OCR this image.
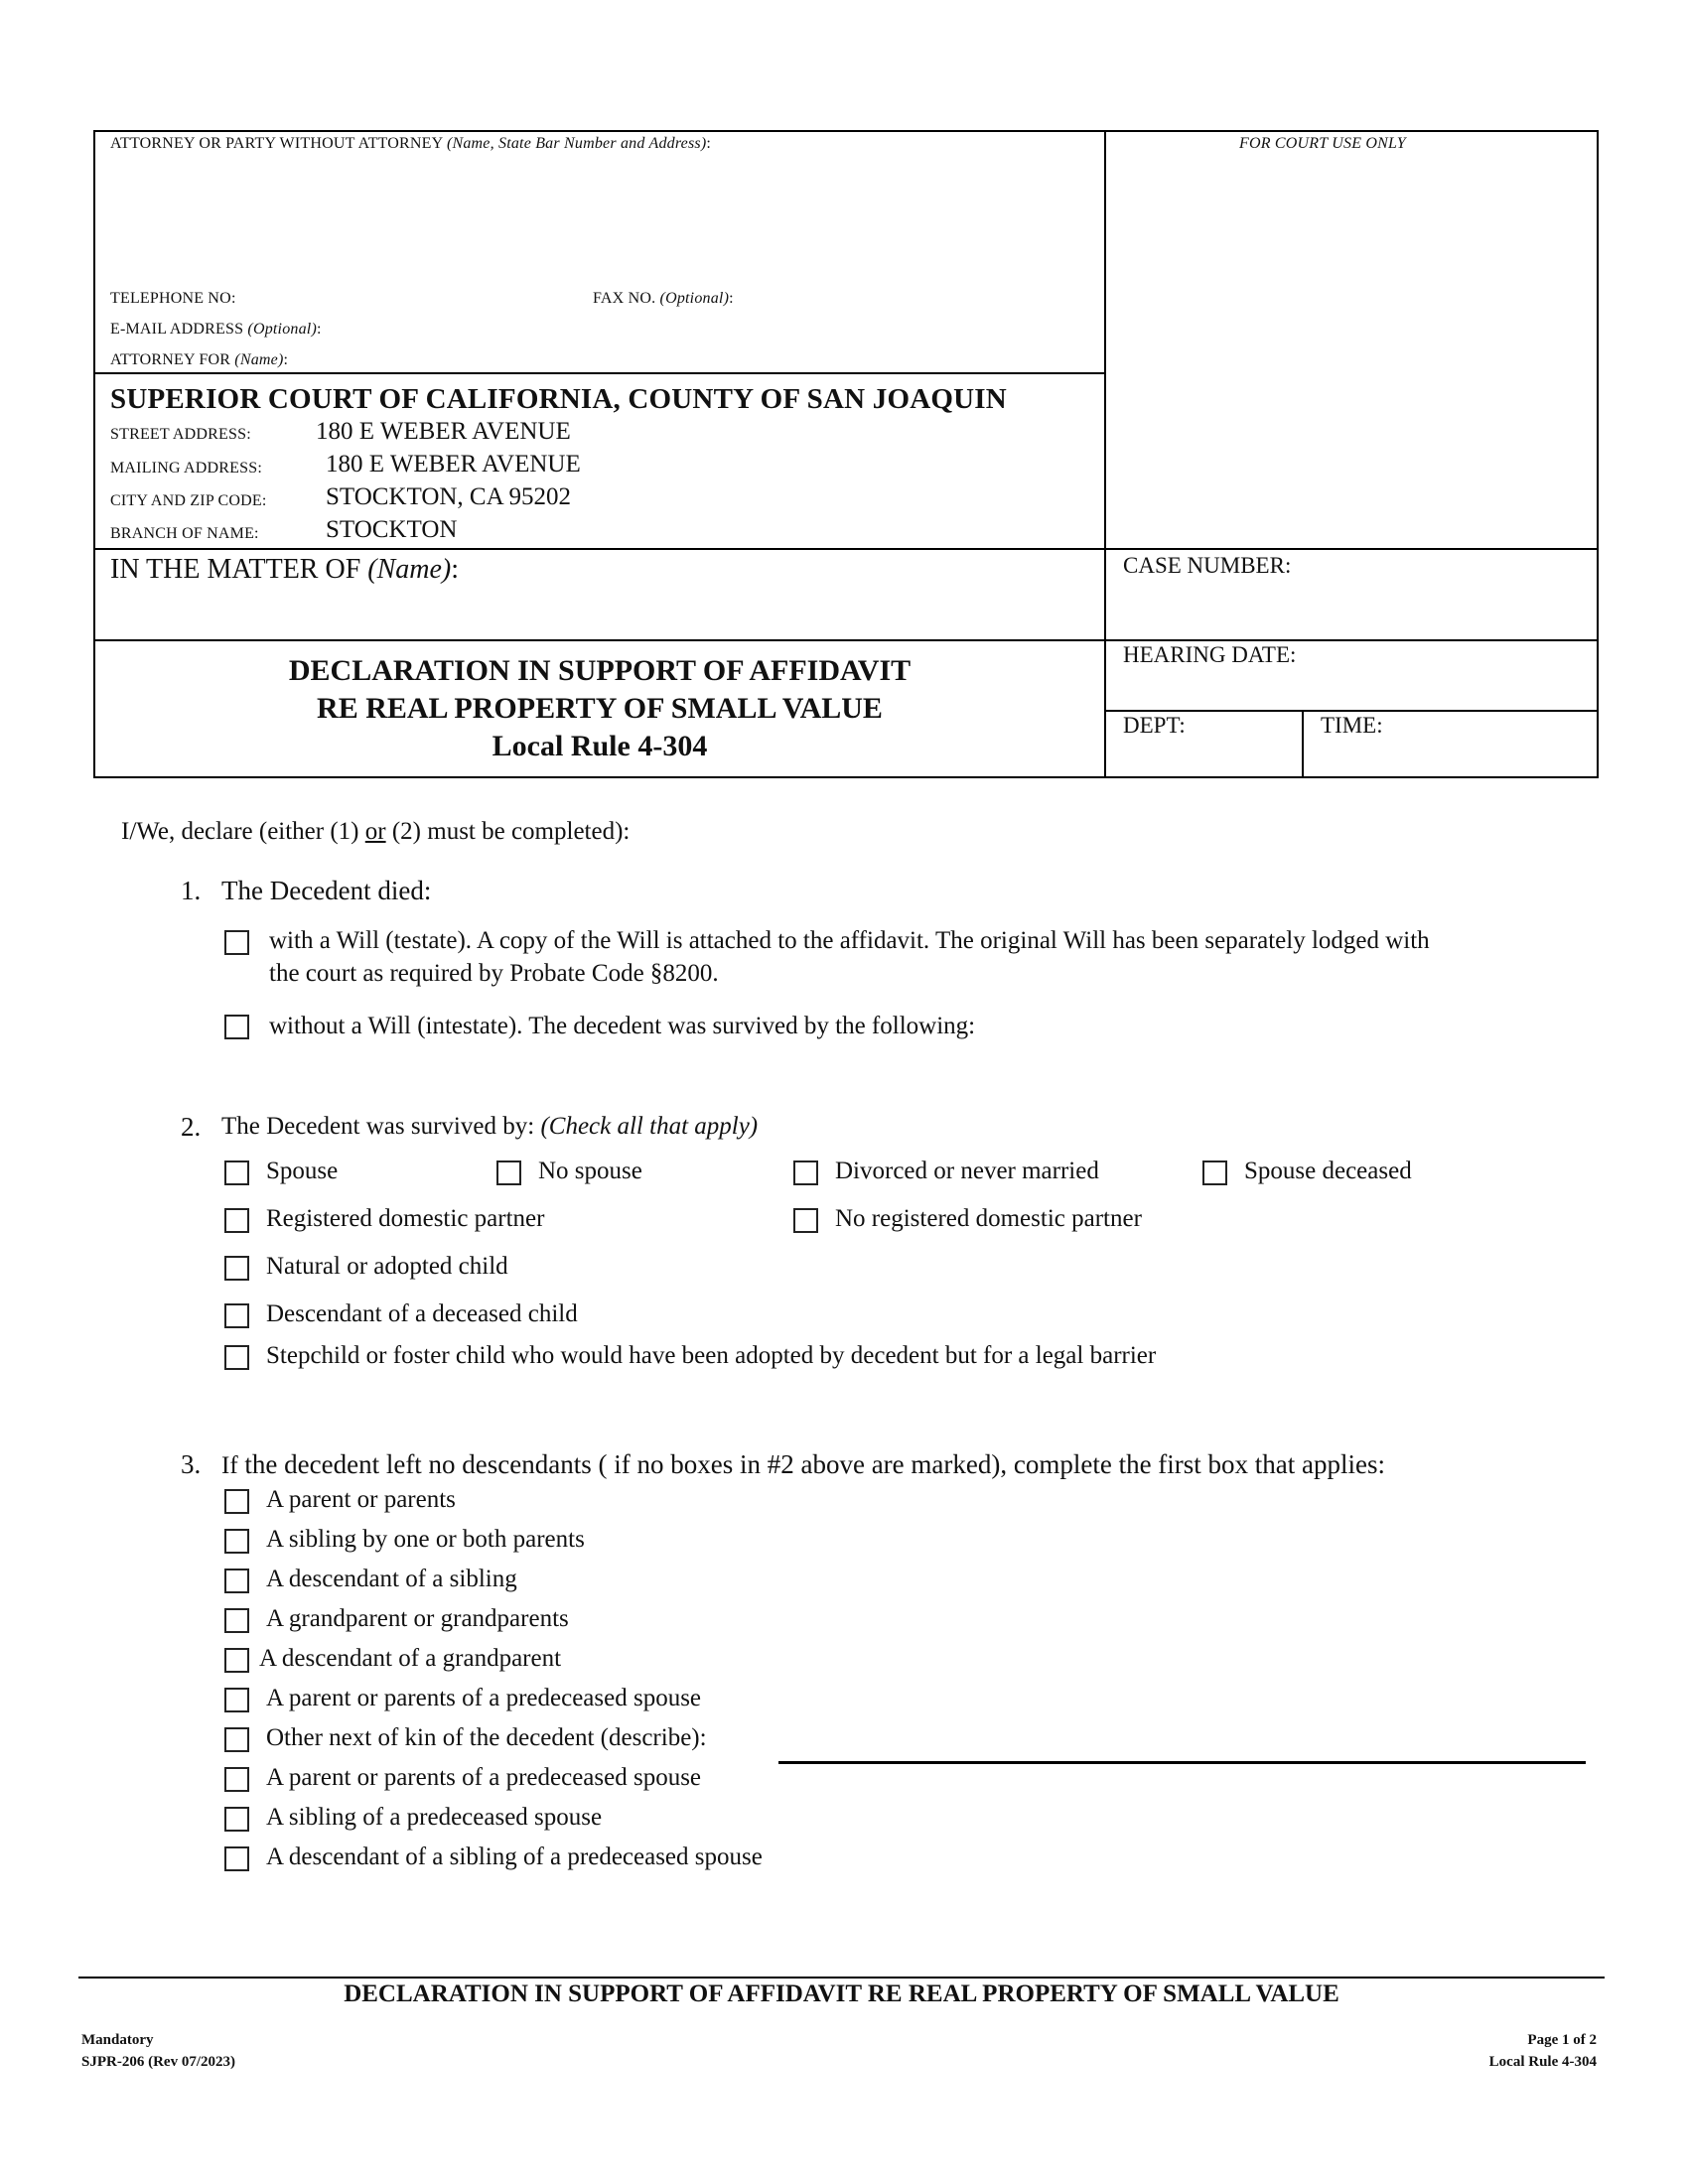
ATTORNEY OR PARTY WITHOUT ATTORNEY (Name, State Bar Number and Address):	FOR COURT USE ONLY
TELEPHONE NO:	FAX NO. (Optional):
E-MAIL ADDRESS (Optional):
ATTORNEY FOR (Name):
SUPERIOR COURT OF CALIFORNIA, COUNTY OF SAN JOAQUIN
STREET ADDRESS:	180 E WEBER AVENUE
MAILING ADDRESS:	180 E WEBER AVENUE
CITY AND ZIP CODE: STOCKTON, CA 95202
BRANCH OF NAME:	STOCKTON
IN THE MATTER OF (Name):	CASE NUMBER:
HEARING DATE:
DEPT:	TIME:
DECLARATION IN SUPPORT OF AFFIDAVIT
RE REAL PROPERTY OF SMALL VALUE
Local Rule 4-304
I/We, declare (either (1) or (2) must be completed):
1. The Decedent died:
with a Will (testate). A copy of the Will is attached to the affidavit. The original Will has been separately lodged with
the court as required by Probate Code §8200.
without a Will (intestate). The decedent was survived by the following:
2. The Decedent was survived by: (Check all that apply)
Spouse	No spouse	Divorced or never married	Spouse deceased
Registered domestic partner	No registered domestic partner
Natural or adopted child
Descendant of a deceased child
Stepchild or foster child who would have been adopted by decedent but for a legal barrier
3. If the decedent left no descendants ( if no boxes in #2 above are marked), complete the first box that applies:
A parent or parents
A sibling by one or both parents
A descendant of a sibling
A grandparent or grandparents
A descendant of a grandparent
A parent or parents of a predeceased spouse
Other next of kin of the decedent (describe):
A parent or parents of a predeceased spouse
A sibling of a predeceased spouse
A descendant of a sibling of a predeceased spouse
DECLARATION IN SUPPORT OF AFFIDAVIT RE REAL PROPERTY OF SMALL VALUE
Mandatory
SJPR-206 (Rev 07/2023)
Page 1 of 2
Local Rule 4-304
